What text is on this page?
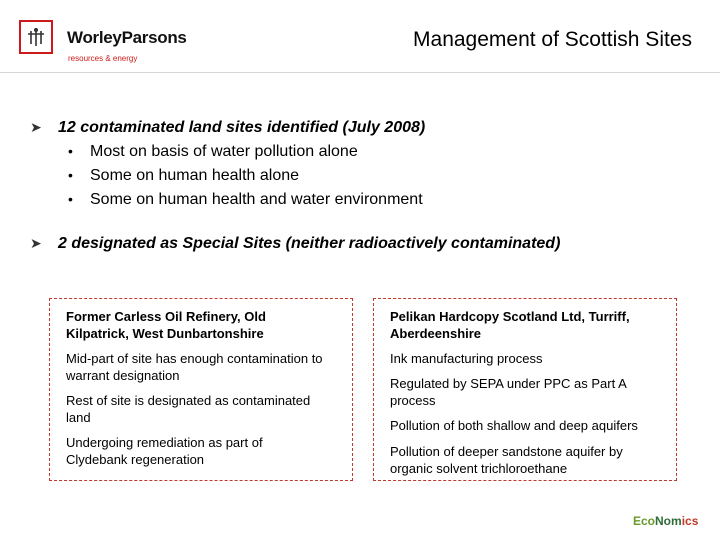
WorleyParsons
resources & energy
Management of Scottish Sites
➤ 12 contaminated land sites identified (July 2008)
• Most on basis of water pollution alone
• Some on human health alone
• Some on human health and water environment
➤ 2 designated as Special Sites (neither radioactively contaminated)
Former Carless Oil Refinery, Old
Kilpatrick, West Dunbartonshire
Mid-part of site has enough contamination to
warrant designation
Rest of site is designated as contaminated
land
Undergoing remediation as part of
Clydebank regeneration
Pelikan Hardcopy Scotland Ltd, Turriff,
Aberdeenshire
Ink manufacturing process
Regulated by SEPA under PPC as Part A
process
Pollution of both shallow and deep aquifers
Pollution of deeper sandstone aquifer by
organic solvent trichloroethane
EcoNomics
